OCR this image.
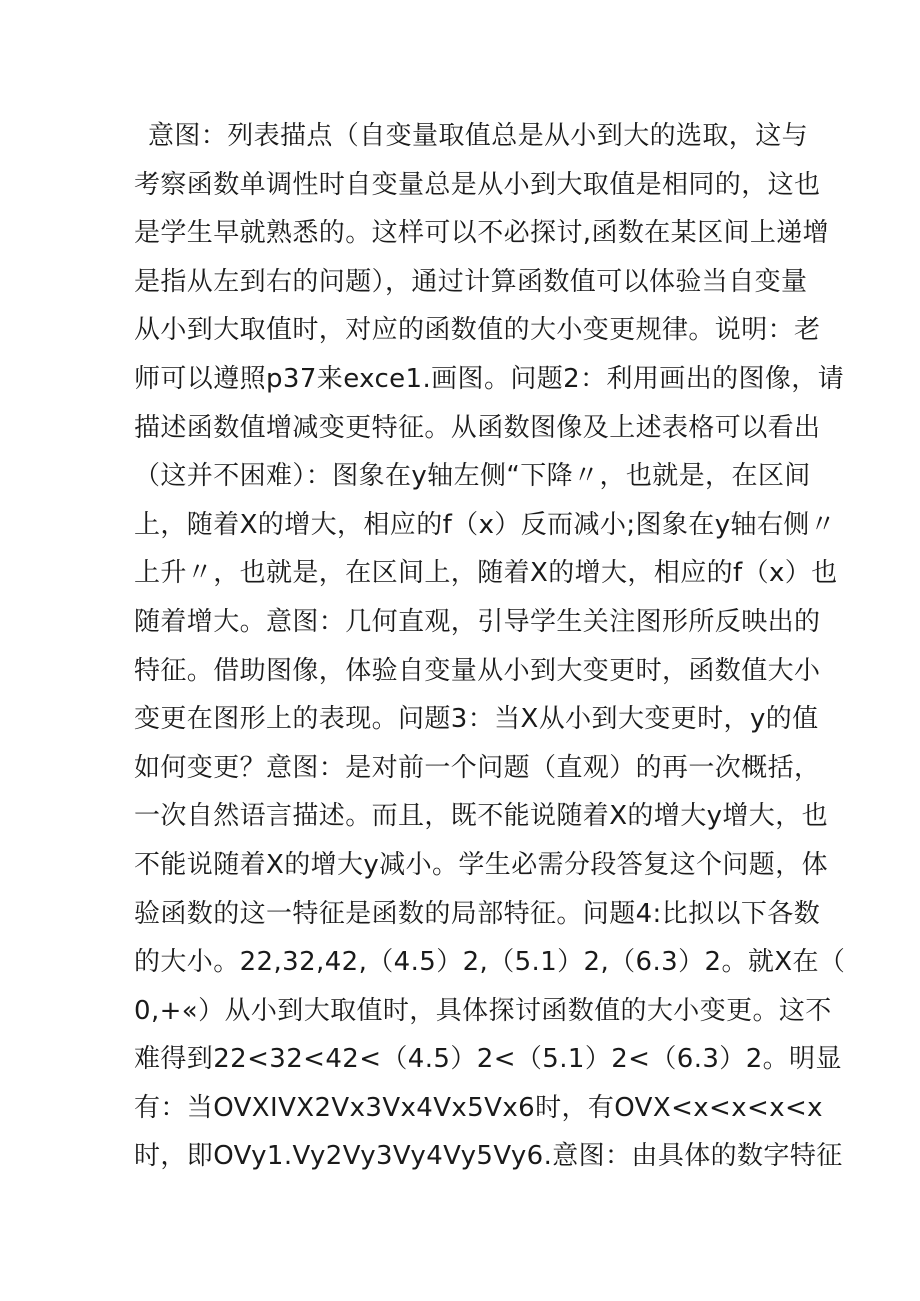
意图：列表描点（自变量取值总是从小到大的选取，这与
考察函数单调性时自变量总是从小到大取值是相同的，这也
是学生早就熟悉的。这样可以不必探讨,函数在某区间上递增
是指从左到右的问题），通过计算函数值可以体验当自变量
从小到大取值时，对应的函数值的大小变更规律。说明：老
师可以遵照p37来exce1.画图。问题2：利用画出的图像，请
描述函数值增减变更特征。从函数图像及上述表格可以看出
（这并不困难）：图象在y轴左侧“下降〃，也就是，在区间
上，随着X的增大，相应的f（x）反而减小;图象在y轴右侧〃
上升〃，也就是，在区间上，随着X的增大，相应的f（x）也
随着增大。意图：几何直观，引导学生关注图形所反映出的
特征。借助图像，体验自变量从小到大变更时，函数值大小
变更在图形上的表现。问题3：当X从小到大变更时，y的值
如何变更？意图：是对前一个问题（直观）的再一次概括，
一次自然语言描述。而且，既不能说随着X的增大y增大，也
不能说随着X的增大y减小。学生必需分段答复这个问题，体
验函数的这一特征是函数的局部特征。问题4:比拟以下各数
的大小。22,32,42,（4.5）2,（5.1）2,（6.3）2。就X在（
0,+«）从小到大取值时，具体探讨函数值的大小变更。这不
难得到22<32<42<（4.5）2<（5.1）2<（6.3）2。明显
有：当OVXIVX2Vx3Vx4Vx5Vx6时，有OVX<x<x<x<x
时，即OVy1.Vy2Vy3Vy4Vy5Vy6.意图：由具体的数字特征
